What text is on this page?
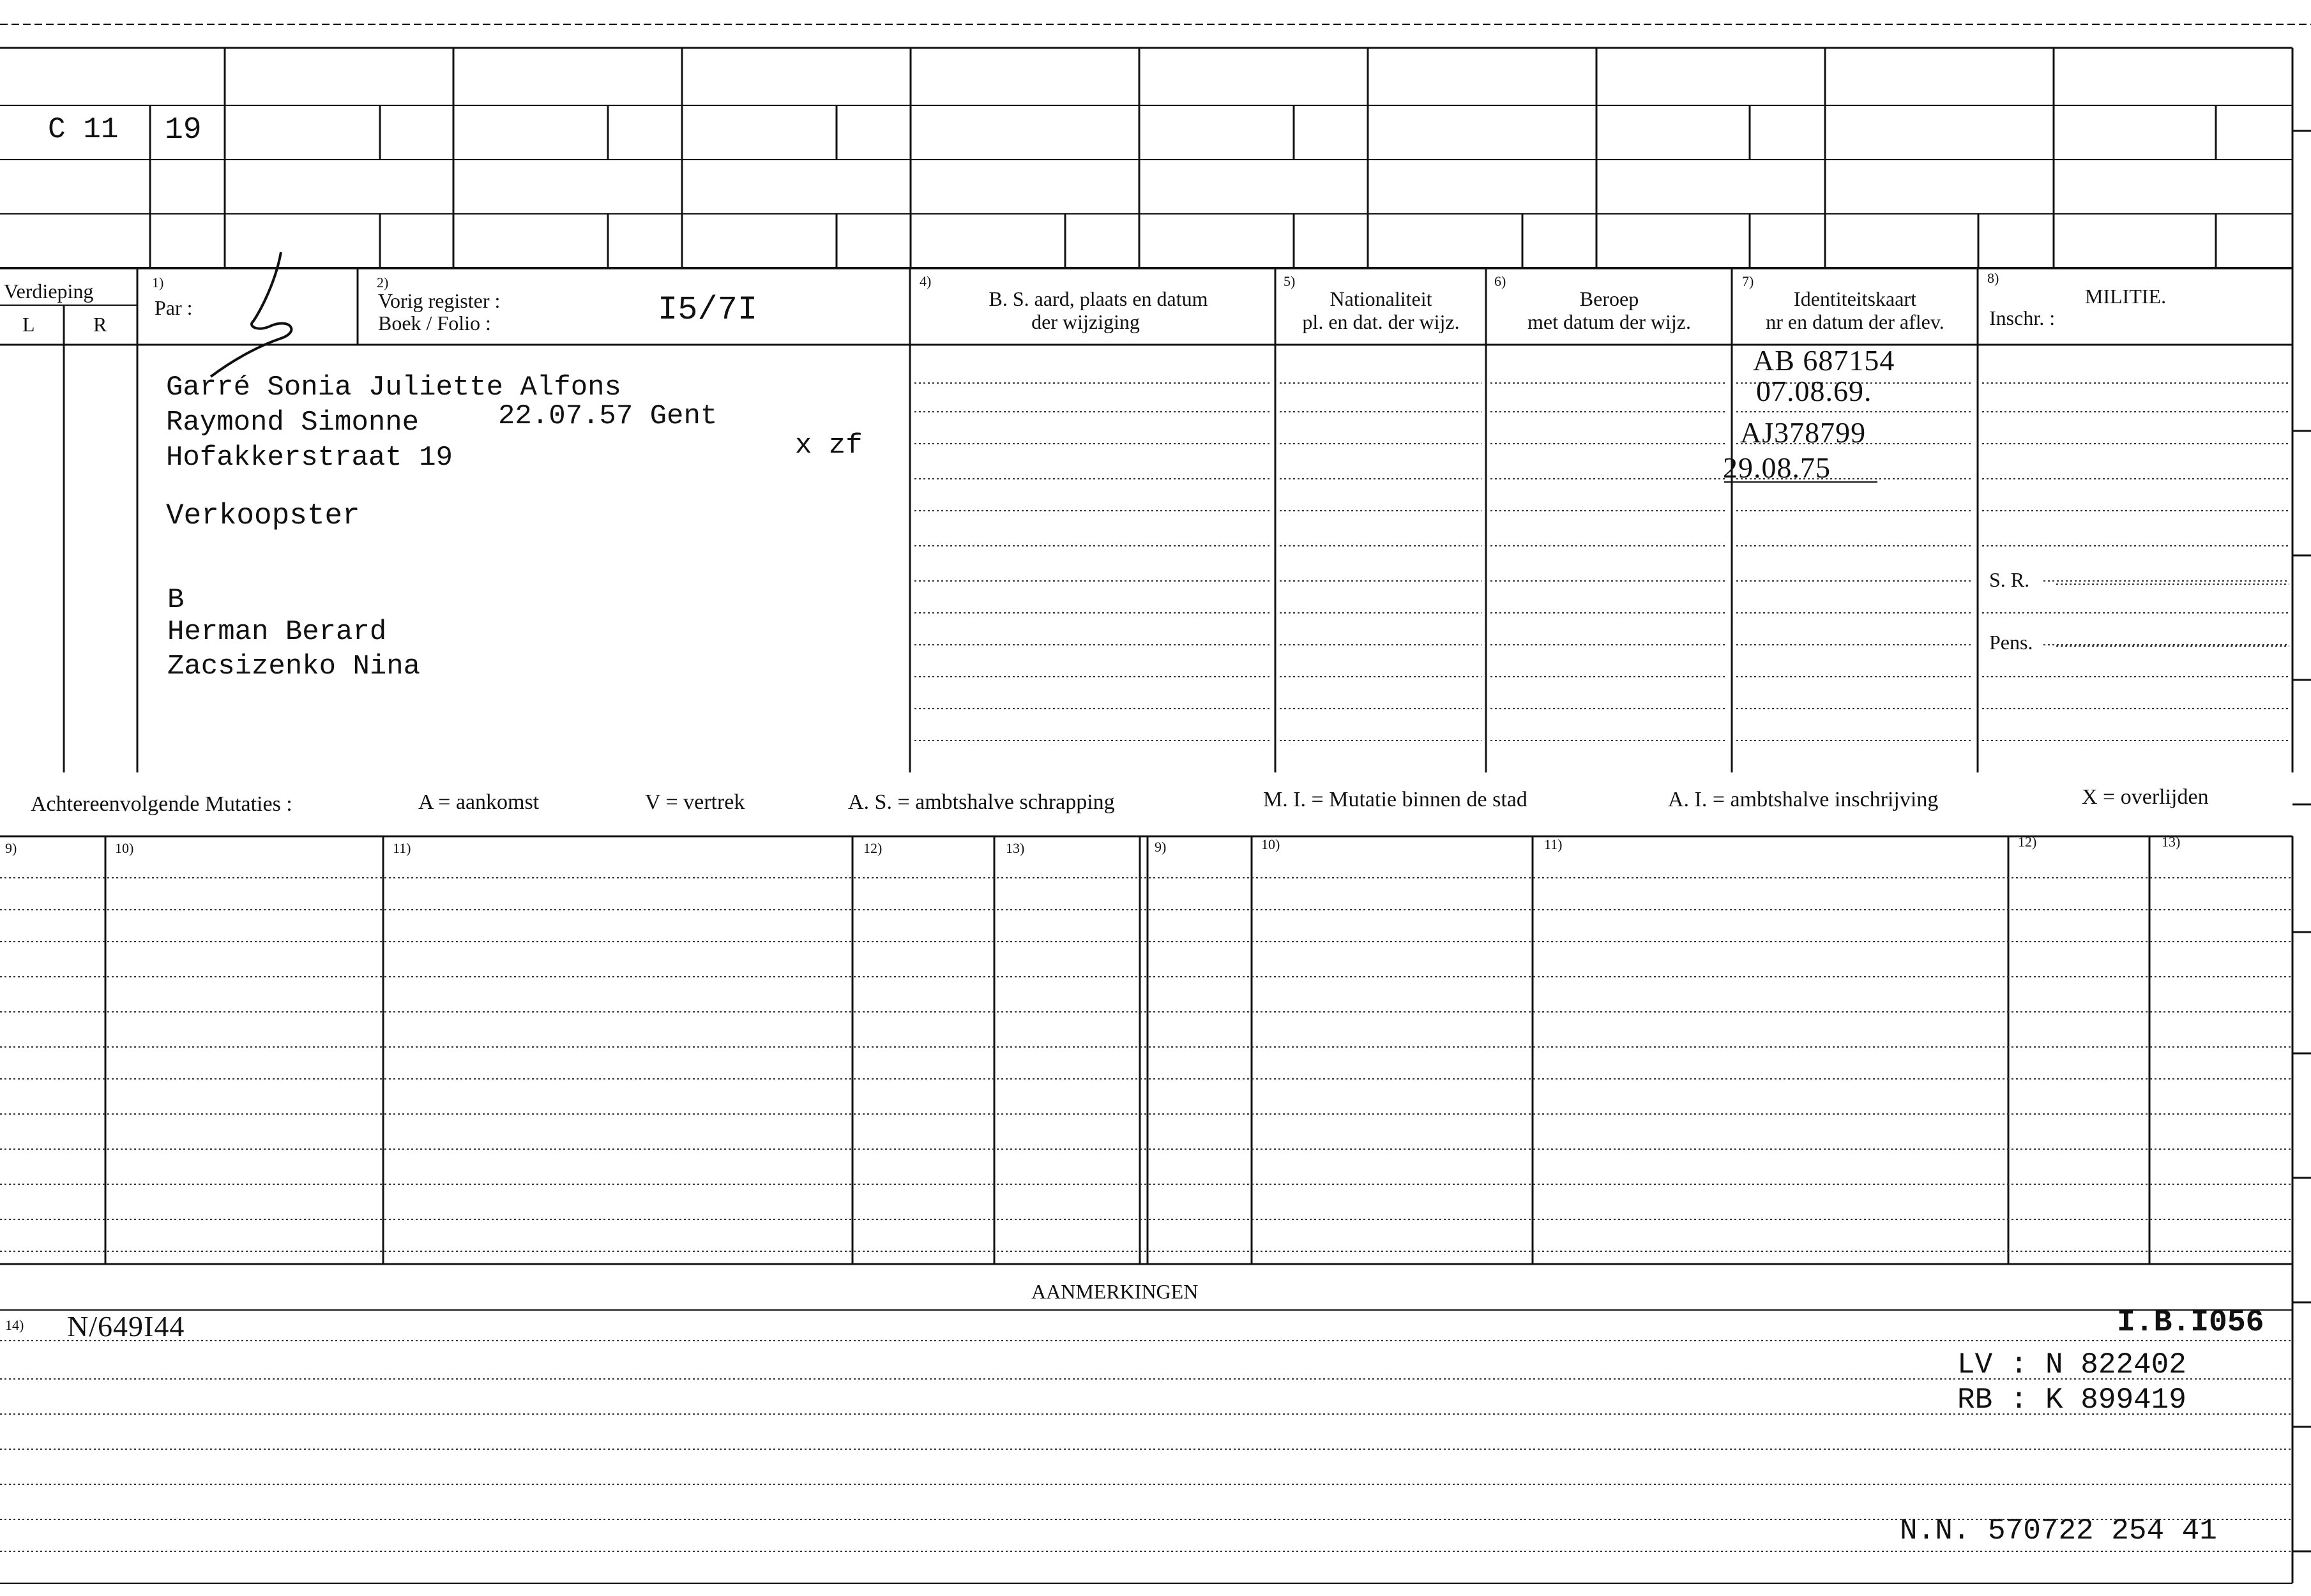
C 11 19
Verdieping
L	R
1)
Par :
2)
Vorig register :
Boek / Folio :	I5/7I
4)
B. S. aard, plaats en datum
der wijziging
5)
Nationaliteit
pl. en dat. der wijz.
6)
Beroep
met datum der wijz.
7)
Identiteitskaart
nr en datum der aflev.
8)
MILITIE.
Inschr. :
S. R.
Pens.
Garré Sonia Juliette Alfons
Raymond Simonne	22.07.57 Gent
Hofakkerstraat 19	x zf
Verkoopster
B
Herman Berard
Zacsizenko Nina
AB 687154
07.08.69.
AJ378799
29.08.75
Achtereenvolgende Mutaties :	A = aankomst	V = vertrek	A. S. = ambtshalve schrapping	M. I. = Mutatie binnen de stad	A. I. = ambtshalve inschrijving	X = overlijden
9)	10)	11)	12)	13)	9)	10)	11)	12)	13)
AANMERKINGEN
14) N/649I44	I.B.I056
LV : N 822402
RB : K 899419
N.N. 570722 254 41
